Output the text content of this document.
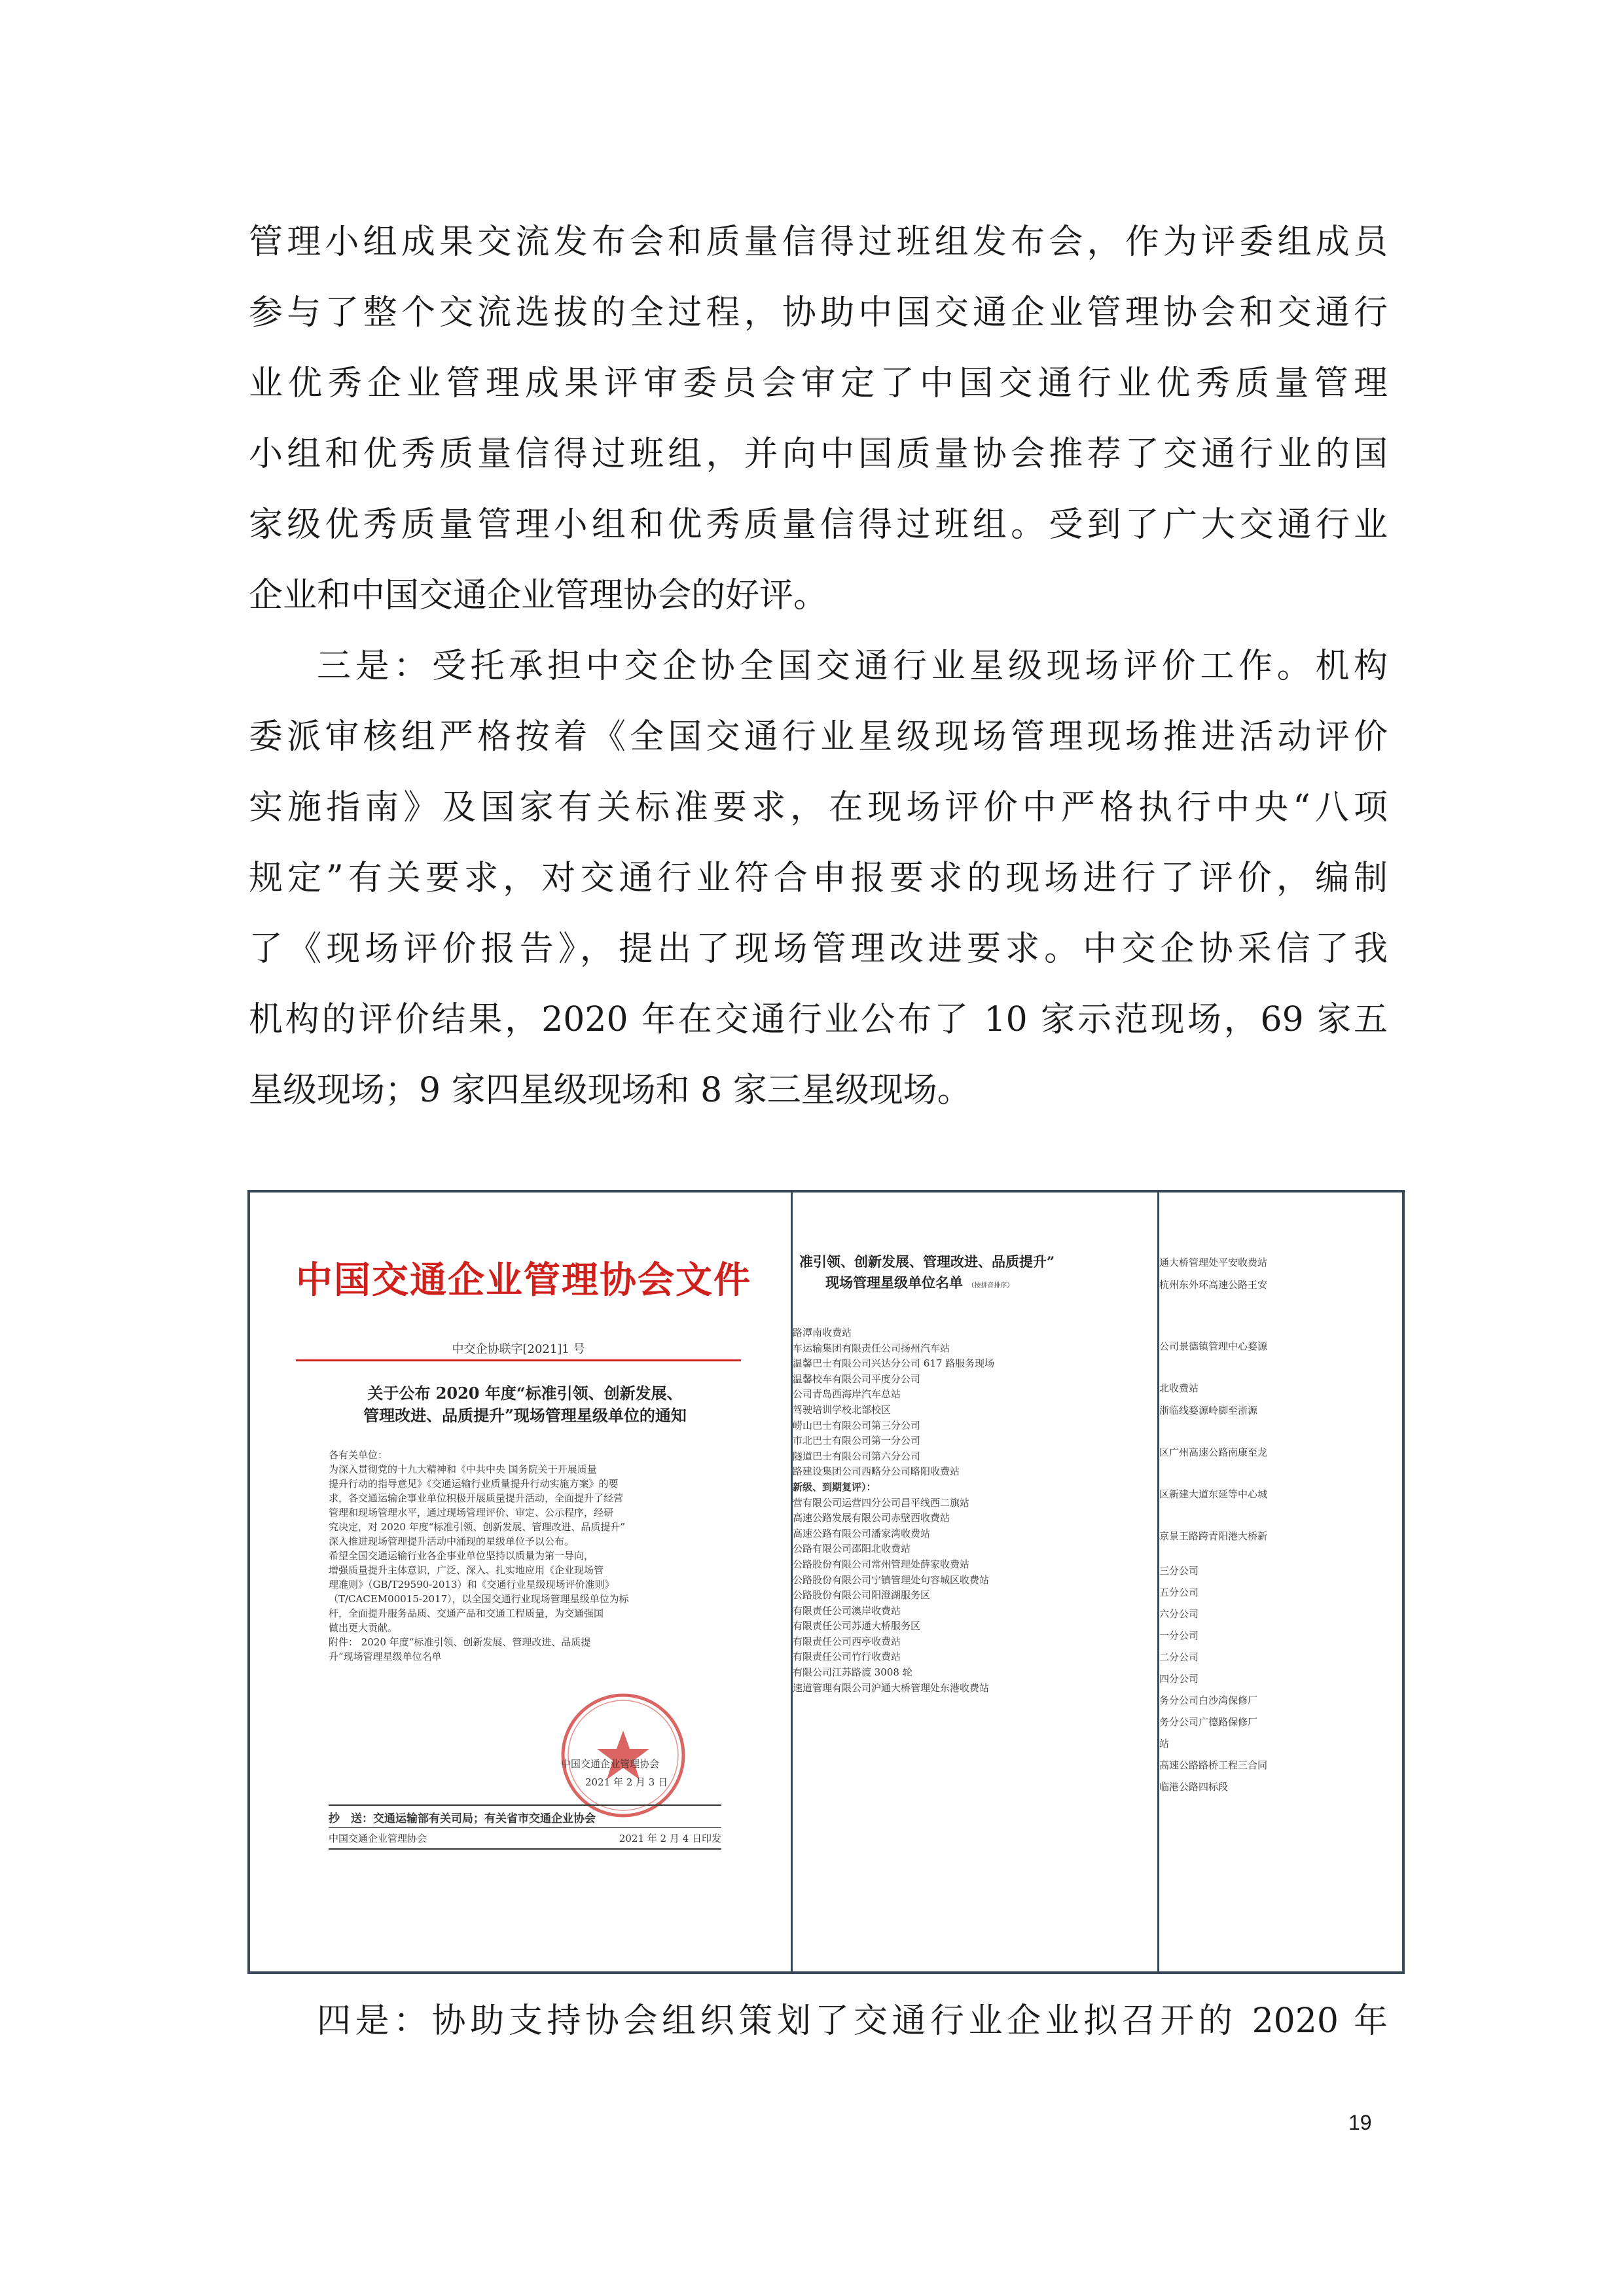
管理小组成果交流发布会和质量信得过班组发布会，作为评委组成员
参与了整个交流选拔的全过程，协助中国交通企业管理协会和交通行
业优秀企业管理成果评审委员会审定了中国交通行业优秀质量管理
小组和优秀质量信得过班组，并向中国质量协会推荐了交通行业的国
家级优秀质量管理小组和优秀质量信得过班组。受到了广大交通行业
企业和中国交通企业管理协会的好评。
三是：受托承担中交企协全国交通行业星级现场评价工作。机构
委派审核组严格按着《全国交通行业星级现场管理现场推进活动评价
实施指南》及国家有关标准要求，在现场评价中严格执行中央“八项
规定”有关要求，对交通行业符合申报要求的现场进行了评价，编制
了《现场评价报告》，提出了现场管理改进要求。中交企协采信了我
机构的评价结果，2020 年在交通行业公布了 10 家示范现场，69 家五
星级现场；9 家四星级现场和 8 家三星级现场。
中国交通企业管理协会文件
中交企协联字[2021]1 号
关于公布 2020 年度“标准引领、创新发展、
管理改进、品质提升”现场管理星级单位的通知
各有关单位：
为深入贯彻党的十九大精神和《中共中央 国务院关于开展质量
提升行动的指导意见》《交通运输行业质量提升行动实施方案》的要
求，各交通运输企事业单位积极开展质量提升活动，全面提升了经营
管理和现场管理水平，通过现场管理评价、审定、公示程序，经研
究决定，对 2020 年度“标准引领、创新发展、管理改进、品质提升”
深入推进现场管理提升活动中涌现的星级单位予以公布。
希望全国交通运输行业各企事业单位坚持以质量为第一导向，
增强质量提升主体意识，广泛、深入、扎实地应用《企业现场管
理准则》（GB/T29590-2013）和《交通行业星级现场评价准则》
（T/CACEM00015-2017），以全国交通行业现场管理星级单位为标
杆，全面提升服务品质、交通产品和交通工程质量，为交通强国
做出更大贡献。
附件： 2020 年度“标准引领、创新发展、管理改进、品质提
升”现场管理星级单位名单
中国交通企业管理协会
2021 年 2 月 3 日
抄　送：交通运输部有关司局；有关省市交通企业协会
中国交通企业管理协会	2021 年 2 月 4 日印发
准引领、创新发展、管理改进、品质提升”
现场管理星级单位名单 （按拼音排序）
路潭南收费站
车运输集团有限责任公司扬州汽车站
温馨巴士有限公司兴达分公司 617 路服务现场
温馨校车有限公司平度分公司
公司青岛西海岸汽车总站
驾驶培训学校北部校区
崂山巴士有限公司第三分公司
市北巴士有限公司第一分公司
隧道巴士有限公司第六分公司
路建设集团公司西略分公司略阳收费站
新级、到期复评）：
营有限公司运营四分公司昌平线西二旗站
高速公路发展有限公司赤壁西收费站
高速公路有限公司潘家湾收费站
公路有限公司邵阳北收费站
公路股份有限公司常州管理处薛家收费站
公路股份有限公司宁镇管理处句容城区收费站
公路股份有限公司阳澄湖服务区
有限责任公司澳岸收费站
有限责任公司苏通大桥服务区
有限责任公司西亭收费站
有限责任公司竹行收费站
有限公司江苏路渡 3008 轮
速道管理有限公司沪通大桥管理处东港收费站
通大桥管理处平安收费站
杭州东外环高速公路王安
公司景德镇管理中心婺源
北收费站
浙临线婺源岭脚至浙源
区广州高速公路南康至龙
区新建大道东延等中心城
京景王路跨青阳港大桥新
三分公司
五分公司
六分公司
一分公司
二分公司
四分公司
务分公司白沙湾保修厂
务分公司广德路保修厂
站
高速公路路桥工程三合同
临港公路四标段
四是：协助支持协会组织策划了交通行业企业拟召开的 2020 年
19
